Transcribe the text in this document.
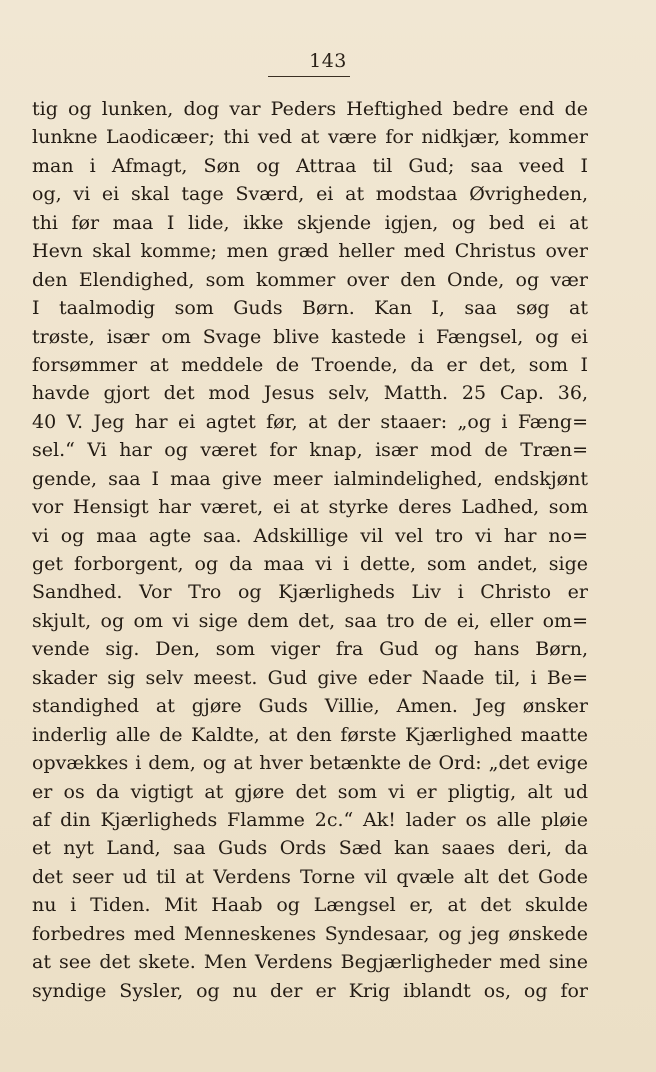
143
tig og lunken, dog var Peders Heftighed bedre end de
lunkne Laodicæer; thi ved at være for nidkjær, kommer
man i Afmagt, Søn og Attraa til Gud; saa veed I
og, vi ei skal tage Sværd, ei at modstaa Øvrigheden,
thi før maa I lide, ikke skjende igjen, og bed ei at
Hevn skal komme; men græd heller med Christus over
den Elendighed, som kommer over den Onde, og vær
I taalmodig som Guds Børn. Kan I, saa søg at
trøste, især om Svage blive kastede i Fængsel, og ei
forsømmer at meddele de Troende, da er det, som I
havde gjort det mod Jesus selv, Matth. 25 Cap. 36,
40 V. Jeg har ei agtet før, at der staaer: „og i Fæng=
sel.“ Vi har og været for knap, især mod de Træn=
gende, saa I maa give meer ialmindelighed, endskjønt
vor Hensigt har været, ei at styrke deres Ladhed, som
vi og maa agte saa. Adskillige vil vel tro vi har no=
get forborgent, og da maa vi i dette, som andet, sige
Sandhed. Vor Tro og Kjærligheds Liv i Christo er
skjult, og om vi sige dem det, saa tro de ei, eller om=
vende sig. Den, som viger fra Gud og hans Børn,
skader sig selv meest. Gud give eder Naade til, i Be=
standighed at gjøre Guds Villie, Amen. Jeg ønsker
inderlig alle de Kaldte, at den første Kjærlighed maatte
opvækkes i dem, og at hver betænkte de Ord: „det evige
er os da vigtigt at gjøre det som vi er pligtig, alt ud
af din Kjærligheds Flamme 2c.“ Ak! lader os alle pløie
et nyt Land, saa Guds Ords Sæd kan saaes deri, da
det seer ud til at Verdens Torne vil qvæle alt det Gode
nu i Tiden. Mit Haab og Længsel er, at det skulde
forbedres med Menneskenes Syndesaar, og jeg ønskede
at see det skete. Men Verdens Begjærligheder med sine
syndige Sysler, og nu der er Krig iblandt os, og for
